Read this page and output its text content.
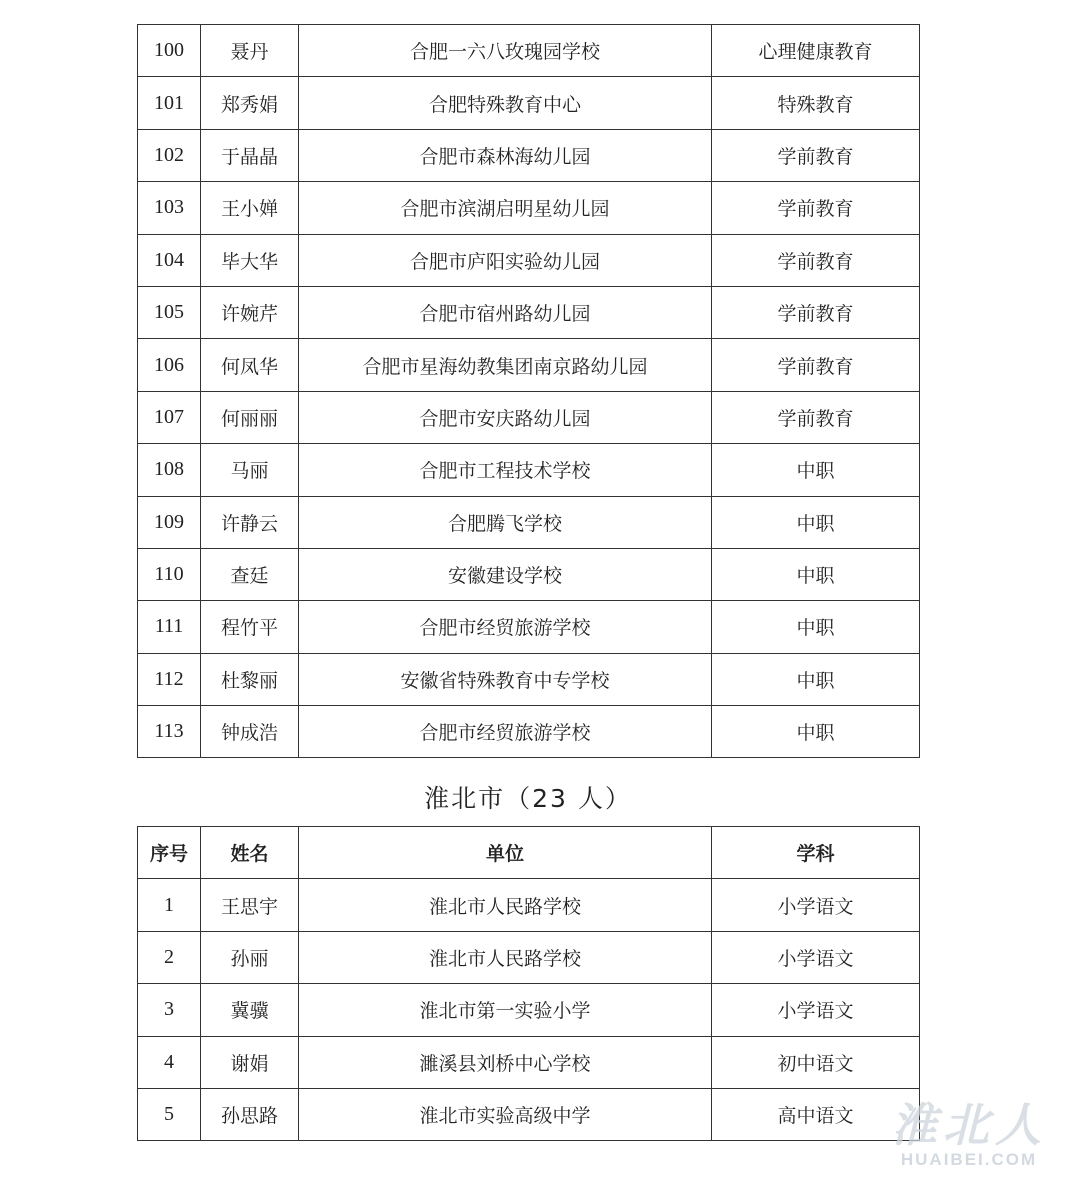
100	聂丹	合肥一六八玫瑰园学校	心理健康教育
101	郑秀娟	合肥特殊教育中心	特殊教育
102	于晶晶	合肥市森林海幼儿园	学前教育
103	王小婵	合肥市滨湖启明星幼儿园	学前教育
104	毕大华	合肥市庐阳实验幼儿园	学前教育
105	许婉芹	合肥市宿州路幼儿园	学前教育
106	何凤华	合肥市星海幼教集团南京路幼儿园	学前教育
107	何丽丽	合肥市安庆路幼儿园	学前教育
108	马丽	合肥市工程技术学校	中职
109	许静云	合肥腾飞学校	中职
110	查廷	安徽建设学校	中职
111	程竹平	合肥市经贸旅游学校	中职
112	杜黎丽	安徽省特殊教育中专学校	中职
113	钟成浩	合肥市经贸旅游学校	中职
淮北市（23 人）
序号	姓名	单位	学科
1	王思宇	淮北市人民路学校	小学语文
2	孙丽	淮北市人民路学校	小学语文
3	冀骥	淮北市第一实验小学	小学语文
4	谢娟	濉溪县刘桥中心学校	初中语文
5	孙思路	淮北市实验高级中学	高中语文 淮北人
HUAIBEI.COM
